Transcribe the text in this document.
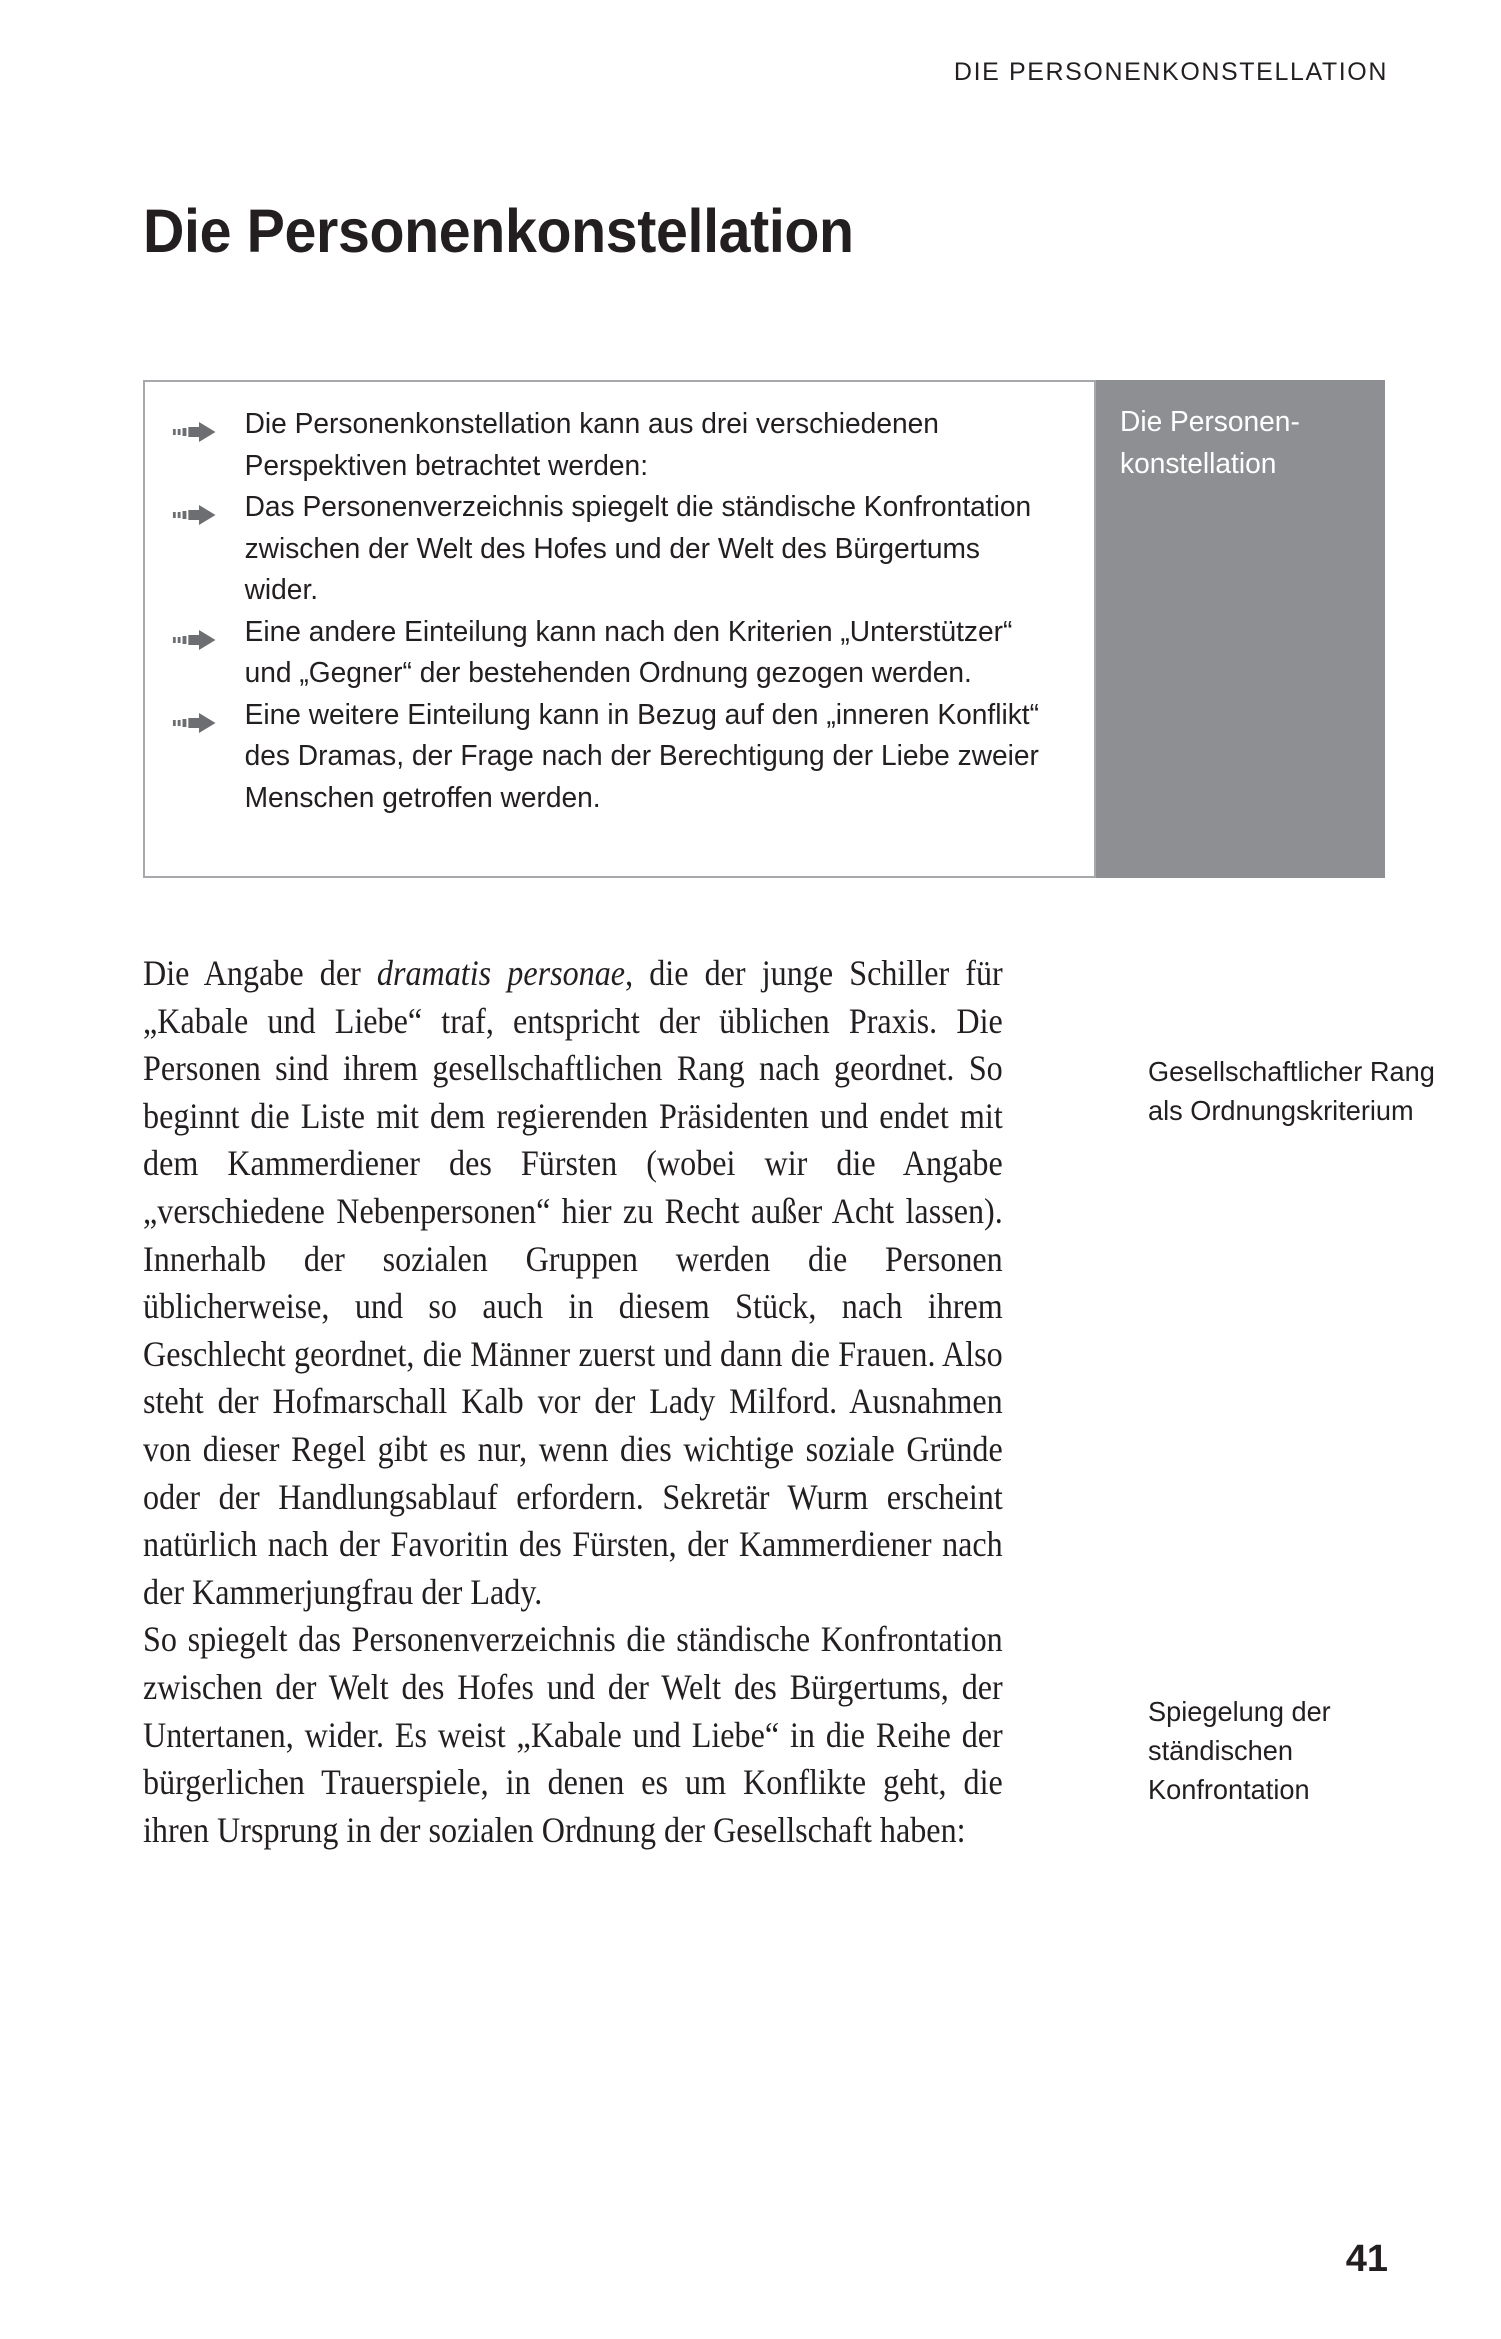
DIE PERSONENKONSTELLATION
Die Personenkonstellation
Die Personenkonstellation kann aus drei verschiedenen Perspektiven betrachtet werden:
Das Personenverzeichnis spiegelt die ständische Konfrontation zwischen der Welt des Hofes und der Welt des Bürgertums wider.
Eine andere Einteilung kann nach den Kriterien „Unterstützer“ und „Gegner“ der bestehenden Ordnung gezogen werden.
Eine weitere Einteilung kann in Bezug auf den „inneren Konflikt“ des Dramas, der Frage nach der Berechtigung der Liebe zweier Menschen getroffen werden.
Die Personen-
konstellation

Die Angabe der dramatis personae, die der junge Schiller für „Kabale und Liebe“ traf, entspricht der üblichen Praxis. Die Personen sind ihrem gesellschaftlichen Rang nach geordnet. So beginnt die Liste mit dem regierenden Präsidenten und endet mit dem Kammerdiener des Fürsten (wobei wir die Angabe „verschiedene Nebenpersonen“ hier zu Recht außer Acht lassen). Innerhalb der sozialen Gruppen werden die Personen üblicherweise, und so auch in diesem Stück, nach ihrem Geschlecht geordnet, die Männer zuerst und dann die Frauen. Also steht der Hofmarschall Kalb vor der Lady Milford. Ausnahmen von dieser Regel gibt es nur, wenn dies wichtige soziale Gründe oder der Handlungsablauf erfordern. Sekretär Wurm erscheint natürlich nach der Favoritin des Fürsten, der Kammerdiener nach der Kammerjungfrau der Lady.

So spiegelt das Personenverzeichnis die ständische Konfrontation zwischen der Welt des Hofes und der Welt des Bürgertums, der Untertanen, wider. Es weist „Kabale und Liebe“ in die Reihe der bürgerlichen Trauerspiele, in denen es um Konflikte geht, die ihren Ursprung in der sozialen Ordnung der Gesellschaft haben:

Gesellschaftlicher Rang als Ordnungskriterium
Spiegelung der ständischen Konfrontation
41
